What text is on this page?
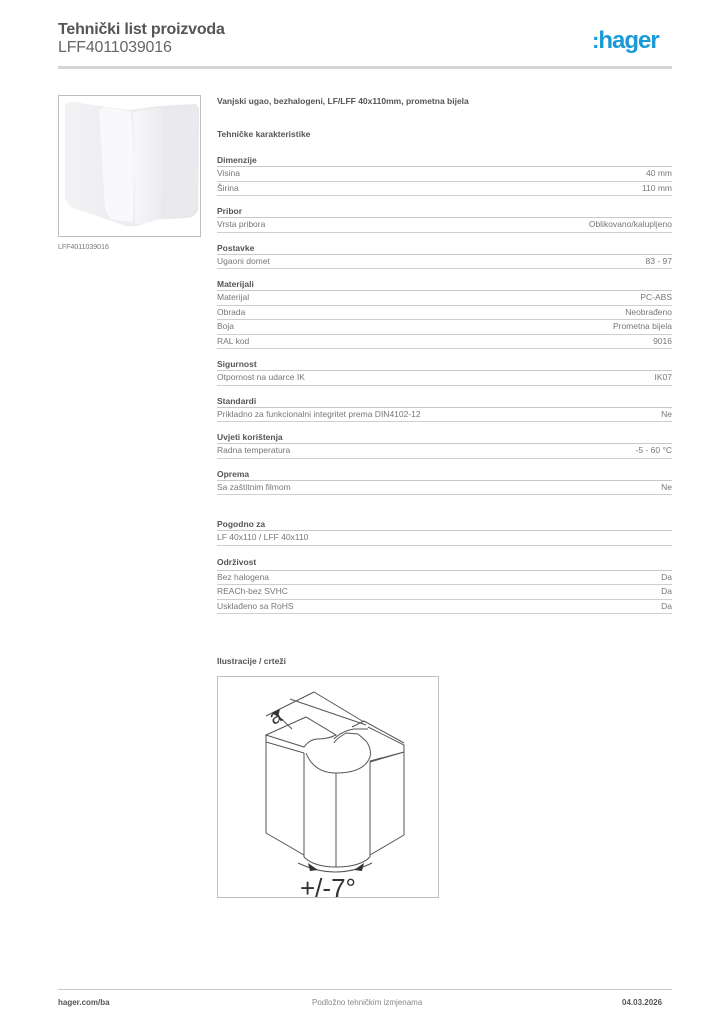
Tehnički list proizvoda
LFF4011039016	:hager
LFF4011039016
Vanjski ugao, bezhalogeni, LF/LFF 40x110mm, prometna bijela
Tehničke karakteristike
Dimenzije
Visina	40 mm
Širina	110 mm
Pribor
Vrsta pribora	Oblikovano/kalupljeno
Postavke
Ugaoni domet	83 - 97
Materijali
Materijal	PC-ABS
Obrada	Neobrađeno
Boja	Prometna bijela
RAL kod	9016
Sigurnost
Otpornost na udarce IK	IK07
Standardi
Prikladno za funkcionalni integritet prema DIN4102-12	Ne
Uvjeti korištenja
Radna temperatura	-5 - 60 °C
Oprema
Sa zaštitnim filmom	Ne
Pogodno za
LF 40x110 / LFF 40x110
Održivost
Bez halogena	Da
REACh-bez SVHC	Da
Usklađeno sa RoHS	Da
Ilustracije / crteži
+/-7°
a
hager.com/ba	Podložno tehničkim izmjenama	04.03.2026
